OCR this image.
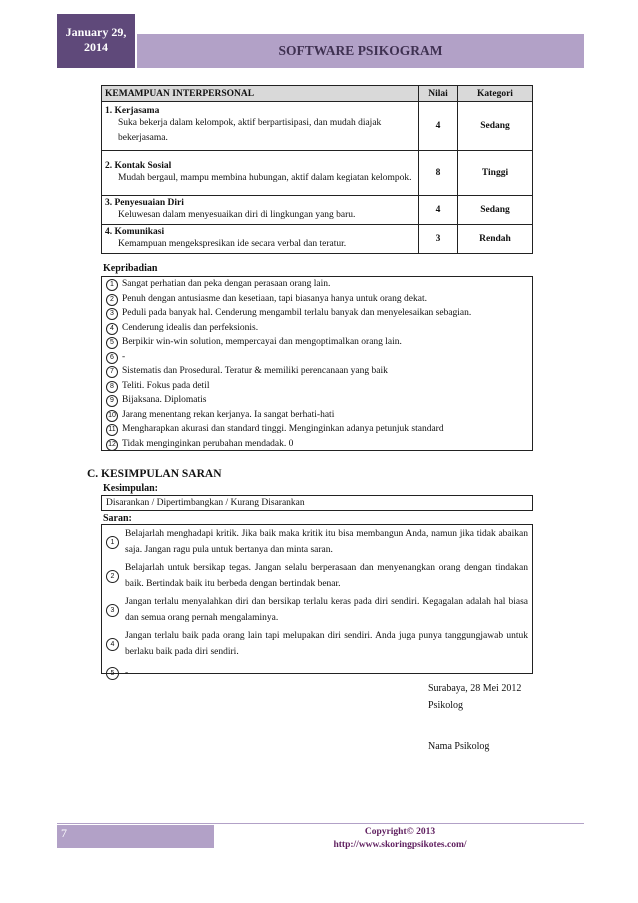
January 29, 2014	SOFTWARE PSIKOGRAM
KEMAMPUAN INTERPERSONAL	Nilai	Kategori

1. Kerjasama
Suka bekerja dalam kelompok, aktif berpartisipasi, dan mudah diajak bekerjasama.	4	Sedang

2. Kontak Sosial
Mudah bergaul, mampu membina hubungan, aktif dalam kegiatan kelompok.	8	Tinggi

3. Penyesuaian Diri
Keluwesan dalam menyesuaikan diri di lingkungan yang baru.	4	Sedang

4. Komunikasi
Kemampuan mengekspresikan ide secara verbal dan teratur.	3	Rendah
Kepribadian
1 Sangat perhatian dan peka dengan perasaan orang lain.
2 Penuh dengan antusiasme dan kesetiaan, tapi biasanya hanya untuk orang dekat.
3 Peduli pada banyak hal. Cenderung mengambil terlalu banyak dan menyelesaikan sebagian.
4 Cenderung idealis dan perfeksionis.
5 Berpikir win-win solution, mempercayai dan mengoptimalkan orang lain.
6 -
7 Sistematis dan Prosedural. Teratur & memiliki perencanaan yang baik
8 Teliti. Fokus pada detil
9 Bijaksana. Diplomatis
10 Jarang menentang rekan kerjanya. Ia sangat berhati-hati
11 Mengharapkan akurasi dan standard tinggi. Menginginkan adanya petunjuk standard
12 Tidak menginginkan perubahan mendadak. 0
C. KESIMPULAN SARAN
Kesimpulan:
Disarankan / Dipertimbangkan / Kurang Disarankan
Saran:
1
Belajarlah menghadapi kritik. Jika baik maka kritik itu bisa membangun Anda, namun jika tidak abaikan saja. Jangan ragu pula untuk bertanya dan minta saran.
2
Belajarlah untuk bersikap tegas. Jangan selalu berperasaan dan menyenangkan orang dengan tindakan baik. Bertindak baik itu berbeda dengan bertindak benar.
3
Jangan terlalu menyalahkan diri dan bersikap terlalu keras pada diri sendiri. Kegagalan adalah hal biasa dan semua orang pernah mengalaminya.
4
Jangan terlalu baik pada orang lain tapi melupakan diri sendiri. Anda juga punya tanggungjawab untuk berlaku baik pada diri sendiri.
5	-
Surabaya, 28 Mei 2012
Psikolog
Nama Psikolog
7	Copyright© 2013
http://www.skoringpsikotes.com/
